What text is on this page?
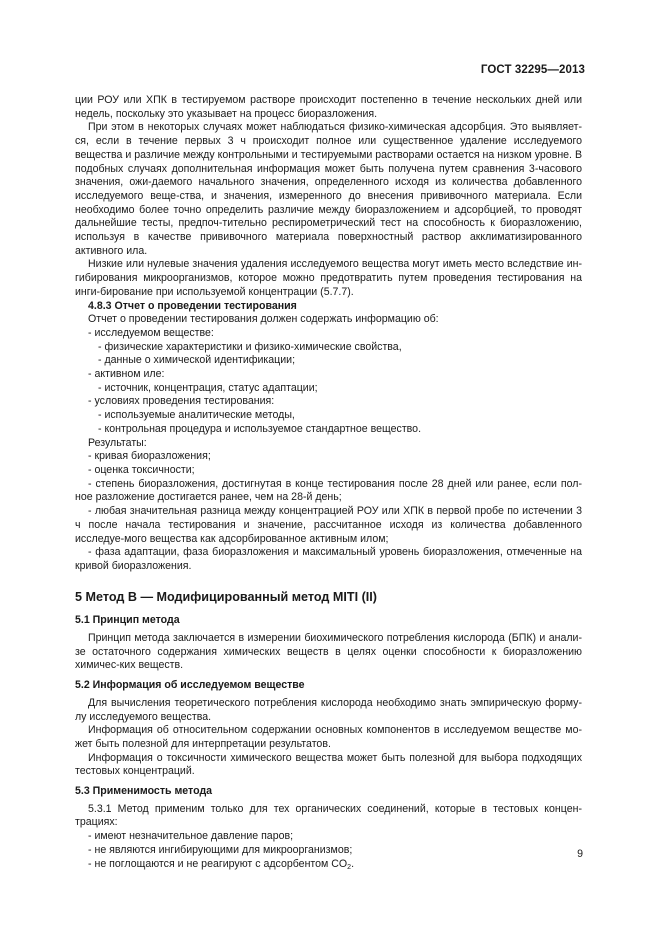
ГОСТ 32295—2013

ции РОУ или ХПК в тестируемом растворе происходит постепенно в течение нескольких дней или недель, поскольку это указывает на процесс биоразложения.

При этом в некоторых случаях может наблюдаться физико-химическая адсорбция. Это выявляет-ся, если в течение первых 3 ч происходит полное или существенное удаление исследуемого вещества и различие между контрольными и тестируемыми растворами остается на низком уровне. В подобных случаях дополнительная информация может быть получена путем сравнения 3-часового значения, ожи-даемого начального значения, определенного исходя из количества добавленного исследуемого веще-ства, и значения, измеренного до внесения прививочного материала. Если необходимо более точно определить различие между биоразложением и адсорбцией, то проводят дальнейшие тесты, предпоч-тительно респирометрический тест на способность к биоразложению, используя в качестве прививочного материала поверхностный раствор акклиматизированного активного ила.

Низкие или нулевые значения удаления исследуемого вещества могут иметь место вследствие ин-гибирования микроорганизмов, которое можно предотвратить путем проведения тестирования на инги-бирование при используемой концентрации (5.7.7).

4.8.3 Отчет о проведении тестирования

Отчет о проведении тестирования должен содержать информацию об:

- исследуемом веществе:

- физические характеристики и физико-химические свойства,

- данные о химической идентификации;

- активном иле:

- источник, концентрация, статус адаптации;

- условиях проведения тестирования:

- используемые аналитические методы,

- контрольная процедура и используемое стандартное вещество.

Результаты:

- кривая биоразложения;

- оценка токсичности;

- степень биоразложения, достигнутая в конце тестирования после 28 дней или ранее, если пол-ное разложение достигается ранее, чем на 28-й день;

- любая значительная разница между концентрацией РОУ или ХПК в первой пробе по истечении 3 ч после начала тестирования и значение, рассчитанное исходя из количества добавленного исследуе-мого вещества как адсорбированное активным илом;

- фаза адаптации, фаза биоразложения и максимальный уровень биоразложения, отмеченные на кривой биоразложения.

5 Метод В — Модифицированный метод MITI (II)

5.1 Принцип метода

Принцип метода заключается в измерении биохимического потребления кислорода (БПК) и анали-зе остаточного содержания химических веществ в целях оценки способности к биоразложению химичес-ких веществ.

5.2 Информация об исследуемом веществе

Для вычисления теоретического потребления кислорода необходимо знать эмпирическую форму-лу исследуемого вещества.

Информация об относительном содержании основных компонентов в исследуемом веществе мо-жет быть полезной для интерпретации результатов.

Информация о токсичности химического вещества может быть полезной для выбора подходящих тестовых концентраций.

5.3 Применимость метода

5.3.1 Метод применим только для тех органических соединений, которые в тестовых концен-трациях:

- имеют незначительное давление паров;

- не являются ингибирующими для микроорганизмов;

- не поглощаются и не реагируют с адсорбентом $CO_2$.

9
